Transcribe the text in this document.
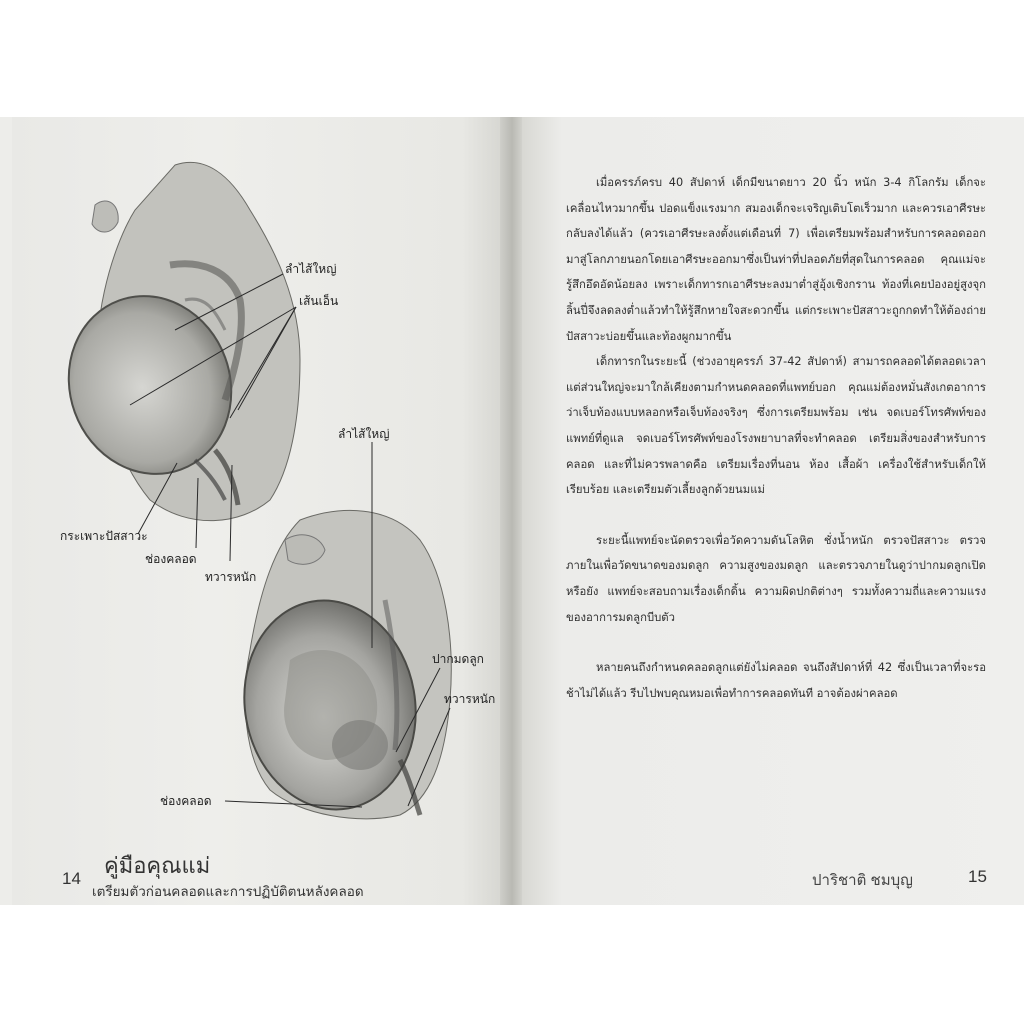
ลำไส้ใหญ่
เส้นเอ็น
กระเพาะปัสสาวะ
ช่องคลอด
ทวารหนัก
ลำไส้ใหญ่
ปากมดลูก
ทวารหนัก
ช่องคลอด
14
คู่มือคุณแม่
เตรียมตัวก่อนคลอดและการปฏิบัติตนหลังคลอด

เมื่อครรภ์ครบ 40 สัปดาห์ เด็กมีขนาดยาว 20 นิ้ว หนัก 3-4 กิโลกรัม เด็กจะเคลื่อนไหวมากขึ้น ปอดแข็งแรงมาก สมองเด็กจะเจริญเติบโตเร็วมาก และควรเอาศีรษะกลับลงได้แล้ว (ควรเอาศีรษะลงตั้งแต่เดือนที่ 7) เพื่อเตรียมพร้อมสำหรับการคลอดออกมาสู่โลกภายนอกโดยเอาศีรษะออกมาซึ่งเป็นท่าที่ปลอดภัยที่สุดในการคลอด คุณแม่จะรู้สึกอึดอัดน้อยลง เพราะเด็กทารกเอาศีรษะลงมาต่ำสู่อุ้งเชิงกราน ท้องที่เคยป่องอยู่สูงจุกลิ้นปี่จึงลดลงต่ำแล้วทำให้รู้สึกหายใจสะดวกขึ้น แต่กระเพาะปัสสาวะถูกกดทำให้ต้องถ่ายปัสสาวะบ่อยขึ้นและท้องผูกมากขึ้น

เด็กทารกในระยะนี้ (ช่วงอายุครรภ์ 37-42 สัปดาห์) สามารถคลอดได้ตลอดเวลา แต่ส่วนใหญ่จะมาใกล้เคียงตามกำหนดคลอดที่แพทย์บอก คุณแม่ต้องหมั่นสังเกตอาการว่าเจ็บท้องแบบหลอกหรือเจ็บท้องจริงๆ ซึ่งการเตรียมพร้อม เช่น จดเบอร์โทรศัพท์ของแพทย์ที่ดูแล จดเบอร์โทรศัพท์ของโรงพยาบาลที่จะทำคลอด เตรียมสิ่งของสำหรับการคลอด และที่ไม่ควรพลาดคือ เตรียมเรื่องที่นอน ห้อง เสื้อผ้า เครื่องใช้สำหรับเด็กให้เรียบร้อย และเตรียมตัวเลี้ยงลูกด้วยนมแม่

ระยะนี้แพทย์จะนัดตรวจเพื่อวัดความดันโลหิต ชั่งน้ำหนัก ตรวจปัสสาวะ ตรวจภายในเพื่อวัดขนาดของมดลูก ความสูงของมดลูก และตรวจภายในดูว่าปากมดลูกเปิดหรือยัง แพทย์จะสอบถามเรื่องเด็กดิ้น ความผิดปกติต่างๆ รวมทั้งความถี่และความแรงของอาการมดลูกบีบตัว

หลายคนถึงกำหนดคลอดลูกแต่ยังไม่คลอด จนถึงสัปดาห์ที่ 42 ซึ่งเป็นเวลาที่จะรอช้าไม่ได้แล้ว รีบไปพบคุณหมอเพื่อทำการคลอดทันที อาจต้องผ่าคลอด

ปาริชาติ ชมบุญ	15
